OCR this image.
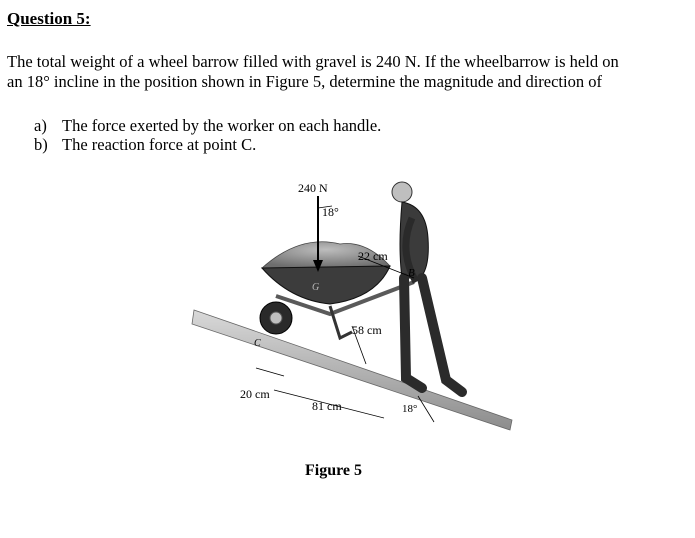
Question 5:

The total weight of a wheel barrow filled with gravel is 240 N. If the wheelbarrow is held on
an 18° incline in the position shown in Figure 5, determine the magnitude and direction of

a) The force exerted by the worker on each handle.
b) The reaction force at point C.
240 N
18°
22 cm
B
G
58 cm
C
20 cm
81 cm	18°

Figure 5
